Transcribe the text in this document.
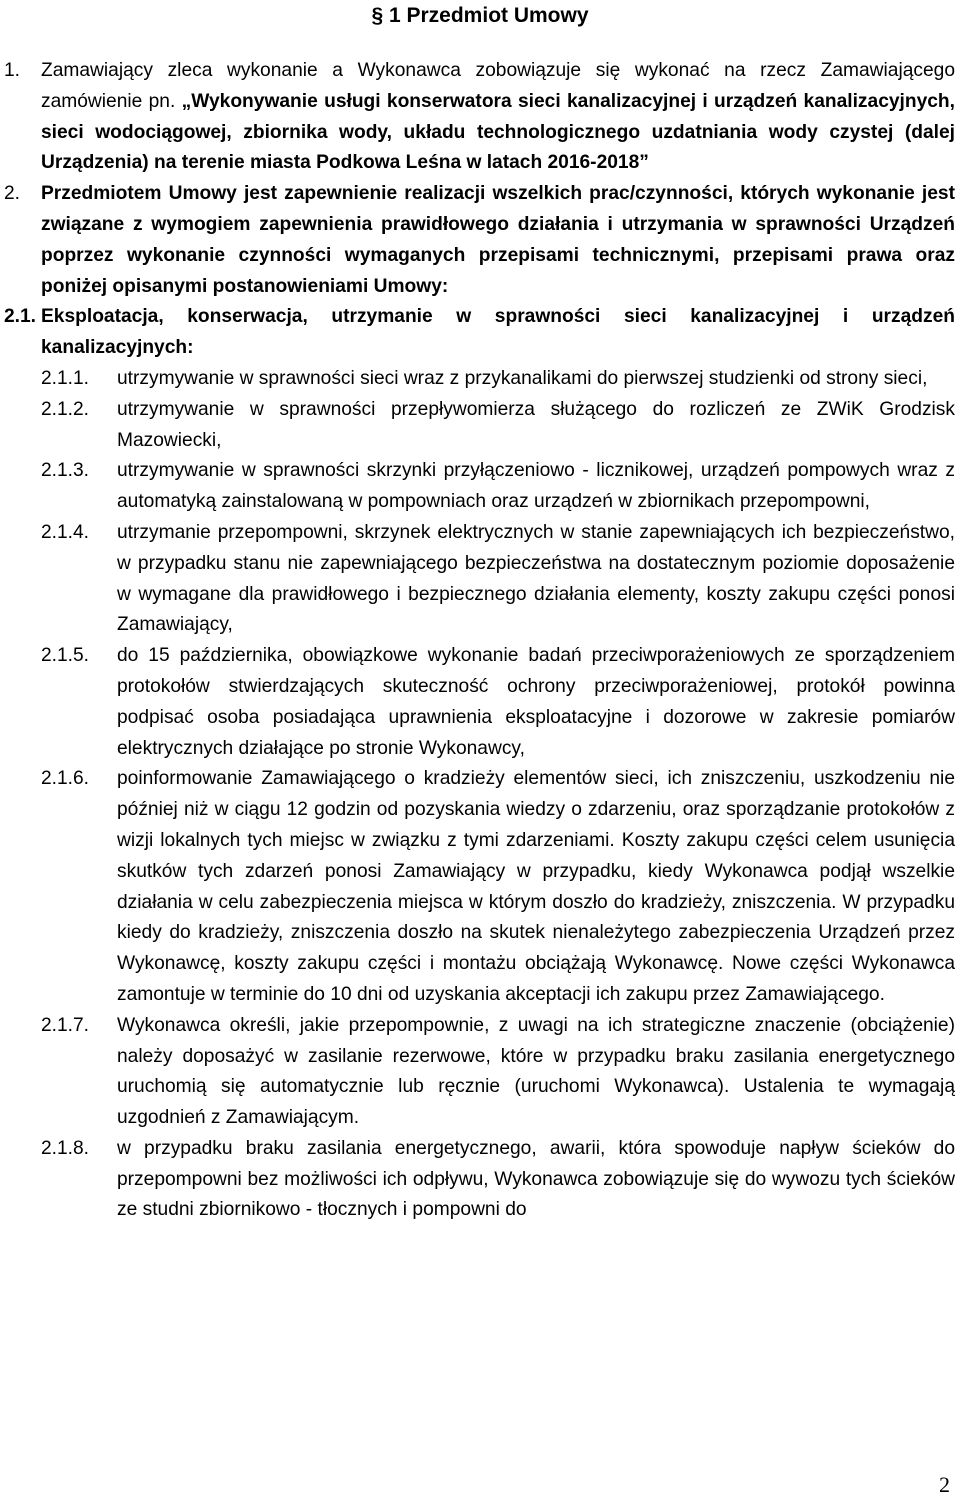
§ 1 Przedmiot Umowy
1. Zamawiający zleca wykonanie a Wykonawca zobowiązuje się wykonać na rzecz Zamawiającego zamówienie pn. „Wykonywanie usługi konserwatora sieci kanalizacyjnej i urządzeń kanalizacyjnych, sieci wodociągowej, zbiornika wody, układu technologicznego uzdatniania wody czystej (dalej Urządzenia) na terenie miasta Podkowa Leśna w latach 2016-2018”
2. Przedmiotem Umowy jest zapewnienie realizacji wszelkich prac/czynności, których wykonanie jest związane z wymogiem zapewnienia prawidłowego działania i utrzymania w sprawności Urządzeń poprzez wykonanie czynności wymaganych przepisami technicznymi, przepisami prawa oraz poniżej opisanymi postanowieniami Umowy:
2.1. Eksploatacja, konserwacja, utrzymanie w sprawności sieci kanalizacyjnej i urządzeń kanalizacyjnych:
2.1.1. utrzymywanie w sprawności sieci wraz z przykanalikami do pierwszej studzienki od strony sieci,
2.1.2. utrzymywanie w sprawności przepływomierza służącego do rozliczeń ze ZWiK Grodzisk Mazowiecki,
2.1.3. utrzymywanie w sprawności skrzynki przyłączeniowo - licznikowej, urządzeń pompowych wraz z automatyką zainstalowaną w pompowniach oraz urządzeń w zbiornikach przepompowni,
2.1.4. utrzymanie przepompowni, skrzynek elektrycznych w stanie zapewniających ich bezpieczeństwo, w przypadku stanu nie zapewniającego bezpieczeństwa na dostatecznym poziomie doposażenie w wymagane dla prawidłowego i bezpiecznego działania elementy, koszty zakupu części ponosi Zamawiający,
2.1.5. do 15 października, obowiązkowe wykonanie badań przeciwporażeniowych ze sporządzeniem protokołów stwierdzających skuteczność ochrony przeciwporażeniowej, protokół powinna podpisać osoba posiadająca uprawnienia eksploatacyjne i dozorowe w zakresie pomiarów elektrycznych działające po stronie Wykonawcy,
2.1.6. poinformowanie Zamawiającego o kradzieży elementów sieci, ich zniszczeniu, uszkodzeniu nie później niż w ciągu 12 godzin od pozyskania wiedzy o zdarzeniu, oraz sporządzanie protokołów z wizji lokalnych tych miejsc w związku z tymi zdarzeniami. Koszty zakupu części celem usunięcia skutków tych zdarzeń ponosi Zamawiający w przypadku, kiedy Wykonawca podjął wszelkie działania w celu zabezpieczenia miejsca w którym doszło do kradzieży, zniszczenia. W przypadku kiedy do kradzieży, zniszczenia doszło na skutek nienależytego zabezpieczenia Urządzeń przez Wykonawcę, koszty zakupu części i montażu obciążają Wykonawcę. Nowe części Wykonawca zamontuje w terminie do 10 dni od uzyskania akceptacji ich zakupu przez Zamawiającego.
2.1.7. Wykonawca określi, jakie przepompownie, z uwagi na ich strategiczne znaczenie (obciążenie) należy doposażyć w zasilanie rezerwowe, które w przypadku braku zasilania energetycznego uruchomią się automatycznie lub ręcznie (uruchomi Wykonawca). Ustalenia te wymagają uzgodnień z Zamawiającym.
2.1.8. w przypadku braku zasilania energetycznego, awarii, która spowoduje napływ ścieków do przepompowni bez możliwości ich odpływu, Wykonawca zobowiązuje się do wywozu tych ścieków ze studni zbiornikowo - tłocznych i pompowni do
2
